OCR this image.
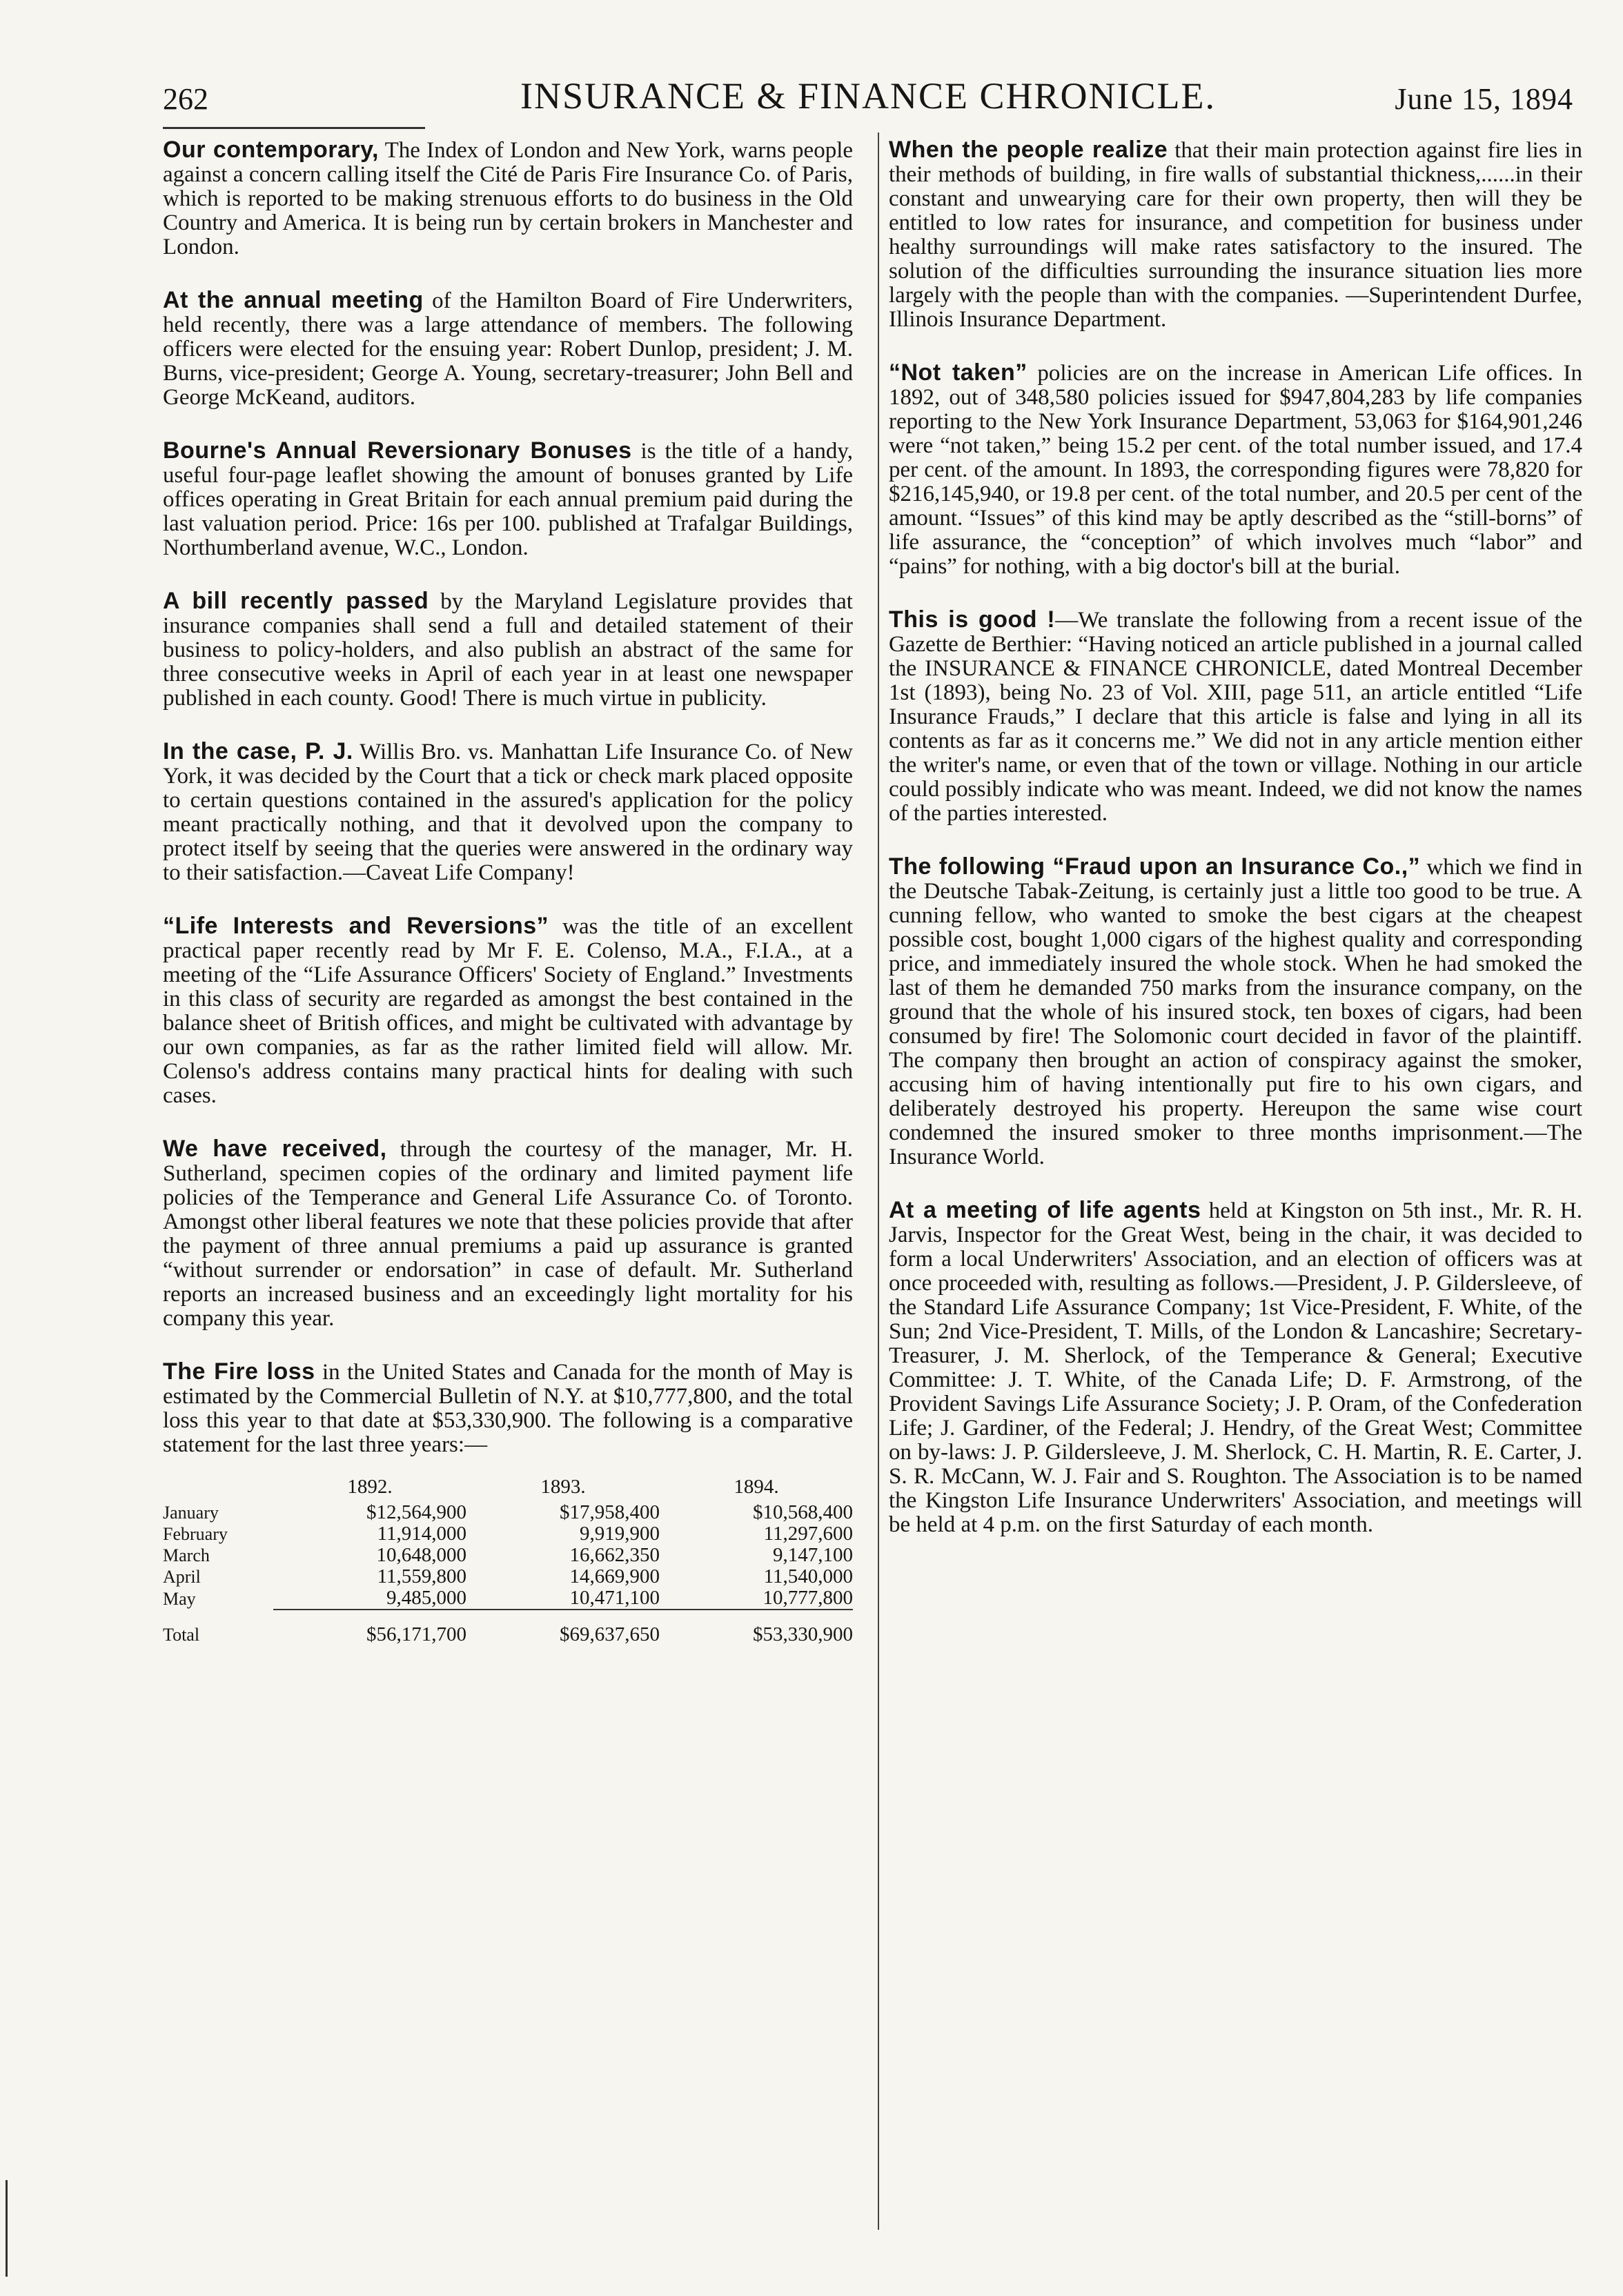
262	INSURANCE & FINANCE CHRONICLE.	June 15, 1894

Our contemporary, The Index of London and New York, warns people against a concern calling itself the Cité de Paris Fire Insurance Co. of Paris, which is reported to be making strenuous efforts to do business in the Old Country and America. It is being run by certain brokers in Manchester and London.

At the annual meeting of the Hamilton Board of Fire Underwriters, held recently, there was a large attendance of members. The following officers were elected for the ensuing year: Robert Dunlop, president; J. M. Burns, vice-president; George A. Young, secretary-treasurer; John Bell and George McKeand, auditors.

Bourne's Annual Reversionary Bonuses is the title of a handy, useful four-page leaflet showing the amount of bonuses granted by Life offices operating in Great Britain for each annual premium paid during the last valuation period. Price: 16s per 100. published at Trafalgar Buildings, Northumberland avenue, W.C., London.

A bill recently passed by the Maryland Legislature provides that insurance companies shall send a full and detailed statement of their business to policy-holders, and also publish an abstract of the same for three consecutive weeks in April of each year in at least one newspaper published in each county. Good! There is much virtue in publicity.

In the case, P. J. Willis Bro. vs. Manhattan Life Insurance Co. of New York, it was decided by the Court that a tick or check mark placed opposite to certain questions contained in the assured's application for the policy meant practically nothing, and that it devolved upon the company to protect itself by seeing that the queries were answered in the ordinary way to their satisfaction.—Caveat Life Company!

“Life Interests and Reversions” was the title of an excellent practical paper recently read by Mr F. E. Colenso, M.A., F.I.A., at a meeting of the “Life Assurance Officers' Society of England.” Investments in this class of security are regarded as amongst the best contained in the balance sheet of British offices, and might be cultivated with advantage by our own companies, as far as the rather limited field will allow. Mr. Colenso's address contains many practical hints for dealing with such cases.

We have received, through the courtesy of the manager, Mr. H. Sutherland, specimen copies of the ordinary and limited payment life policies of the Temperance and General Life Assurance Co. of Toronto. Amongst other liberal features we note that these policies provide that after the payment of three annual premiums a paid up assurance is granted “without surrender or endorsation” in case of default. Mr. Sutherland reports an increased business and an exceedingly light mortality for his company this year.

The Fire loss in the United States and Canada for the month of May is estimated by the Commercial Bulletin of N.Y. at $10,777,800, and the total loss this year to that date at $53,330,900. The following is a comparative statement for the last three years:—

	1892.	1893.	1894.
January	$12,564,900	$17,958,400	$10,568,400
February	11,914,000	9,919,900	11,297,600
March	10,648,000	16,662,350	9,147,100
April	11,559,800	14,669,900	11,540,000
May	9,485,000	10,471,100	10,777,800
Total	$56,171,700	$69,637,650	$53,330,900

When the people realize that their main protection against fire lies in their methods of building, in fire walls of substantial thickness,......in their constant and unwearying care for their own property, then will they be entitled to low rates for insurance, and competition for business under healthy surroundings will make rates satisfactory to the insured. The solution of the difficulties surrounding the insurance situation lies more largely with the people than with the companies. —Superintendent Durfee, Illinois Insurance Department.

“Not taken” policies are on the increase in American Life offices. In 1892, out of 348,580 policies issued for $947,804,283 by life companies reporting to the New York Insurance Department, 53,063 for $164,901,246 were “not taken,” being 15.2 per cent. of the total number issued, and 17.4 per cent. of the amount. In 1893, the corresponding figures were 78,820 for $216,145,940, or 19.8 per cent. of the total number, and 20.5 per cent of the amount. “Issues” of this kind may be aptly described as the “still-borns” of life assurance, the “conception” of which involves much “labor” and “pains” for nothing, with a big doctor's bill at the burial.

This is good !—We translate the following from a recent issue of the Gazette de Berthier: “Having noticed an article published in a journal called the INSURANCE & FINANCE CHRONICLE, dated Montreal December 1st (1893), being No. 23 of Vol. XIII, page 511, an article entitled “Life Insurance Frauds,” I declare that this article is false and lying in all its contents as far as it concerns me.” We did not in any article mention either the writer's name, or even that of the town or village. Nothing in our article could possibly indicate who was meant. Indeed, we did not know the names of the parties interested.

The following “Fraud upon an Insurance Co.,” which we find in the Deutsche Tabak-Zeitung, is certainly just a little too good to be true. A cunning fellow, who wanted to smoke the best cigars at the cheapest possible cost, bought 1,000 cigars of the highest quality and corresponding price, and immediately insured the whole stock. When he had smoked the last of them he demanded 750 marks from the insurance company, on the ground that the whole of his insured stock, ten boxes of cigars, had been consumed by fire! The Solomonic court decided in favor of the plaintiff. The company then brought an action of conspiracy against the smoker, accusing him of having intentionally put fire to his own cigars, and deliberately destroyed his property. Hereupon the same wise court condemned the insured smoker to three months imprisonment.—The Insurance World.

At a meeting of life agents held at Kingston on 5th inst., Mr. R. H. Jarvis, Inspector for the Great West, being in the chair, it was decided to form a local Underwriters' Association, and an election of officers was at once proceeded with, resulting as follows.—President, J. P. Gildersleeve, of the Standard Life Assurance Company; 1st Vice-President, F. White, of the Sun; 2nd Vice-President, T. Mills, of the London & Lancashire; Secretary-Treasurer, J. M. Sherlock, of the Temperance & General; Executive Committee: J. T. White, of the Canada Life; D. F. Armstrong, of the Provident Savings Life Assurance Society; J. P. Oram, of the Confederation Life; J. Gardiner, of the Federal; J. Hendry, of the Great West; Committee on by-laws: J. P. Gildersleeve, J. M. Sherlock, C. H. Martin, R. E. Carter, J. S. R. McCann, W. J. Fair and S. Roughton. The Association is to be named the Kingston Life Insurance Underwriters' Association, and meetings will be held at 4 p.m. on the first Saturday of each month.
